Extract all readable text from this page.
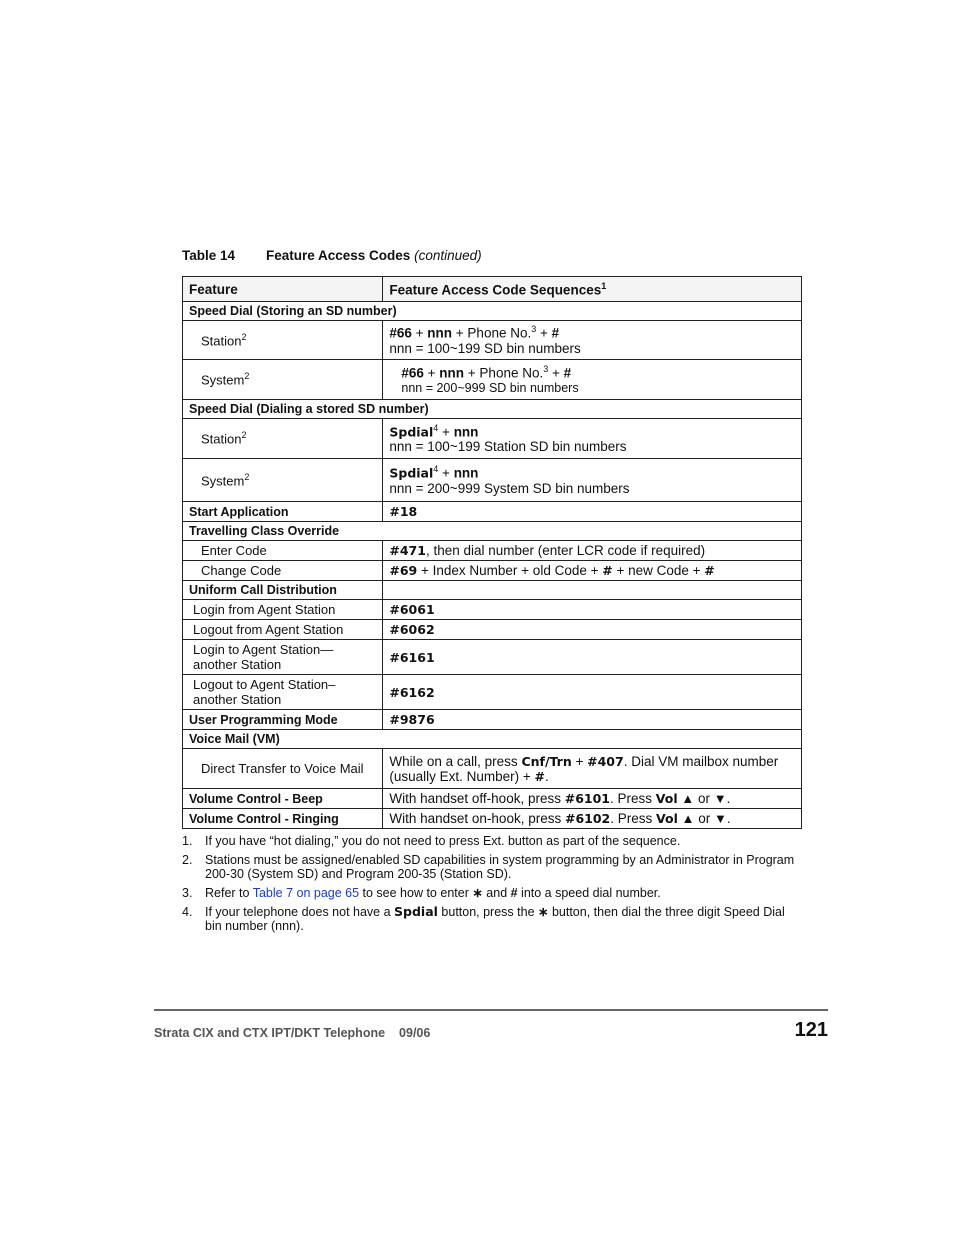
Table 14 Feature Access Codes (continued)
Feature	Feature Access Code Sequences$^1$
Speed Dial (Storing an SD number)	
Station$^2$	#66 + nnn + Phone No.$^3$ + #
nnn = 100~199 SD bin numbers

System$^2$	#66 + nnn + Phone No.$^3$ + #
nnn = 200~999 SD bin numbers

Speed Dial (Dialing a stored SD number)	
Station$^2$	Spdial$^4$ + nnn
nnn = 100~199 Station SD bin numbers

System$^2$	Spdial$^4$ + nnn
nnn = 200~999 System SD bin numbers

Start Application	#18
Travelling Class Override	
Enter Code	#471, then dial number (enter LCR code if required)
Change Code	#69 + Index Number + old Code + # + new Code + #
Uniform Call Distribution	
Login from Agent Station	#6061
Logout from Agent Station	#6062
Login to Agent Station—another Station	#6161
Logout to Agent Station–another Station	#6162
User Programming Mode	#9876
Voice Mail (VM)	
Direct Transfer to Voice Mail	While on a call, press Cnf/Trn + #407. Dial VM mailbox number (usually Ext. Number) + #.
Volume Control - Beep	With handset off-hook, press #6101. Press Vol ▲ or ▼.
Volume Control - Ringing	With handset on-hook, press #6102. Press Vol ▲ or ▼.
1.	If you have “hot dialing,” you do not need to press Ext. button as part of the sequence.
2.	Stations must be assigned/enabled SD capabilities in system programming by an Administrator in Program 200-30 (System SD) and Program 200-35 (Station SD).
3.	Refer to Table 7 on page 65 to see how to enter ∗ and # into a speed dial number.
4.	If your telephone does not have a Spdial button, press the ∗ button, then dial the three digit Speed Dial bin number (nnn).
Strata CIX and CTX IPT/DKT Telephone 09/06	121
